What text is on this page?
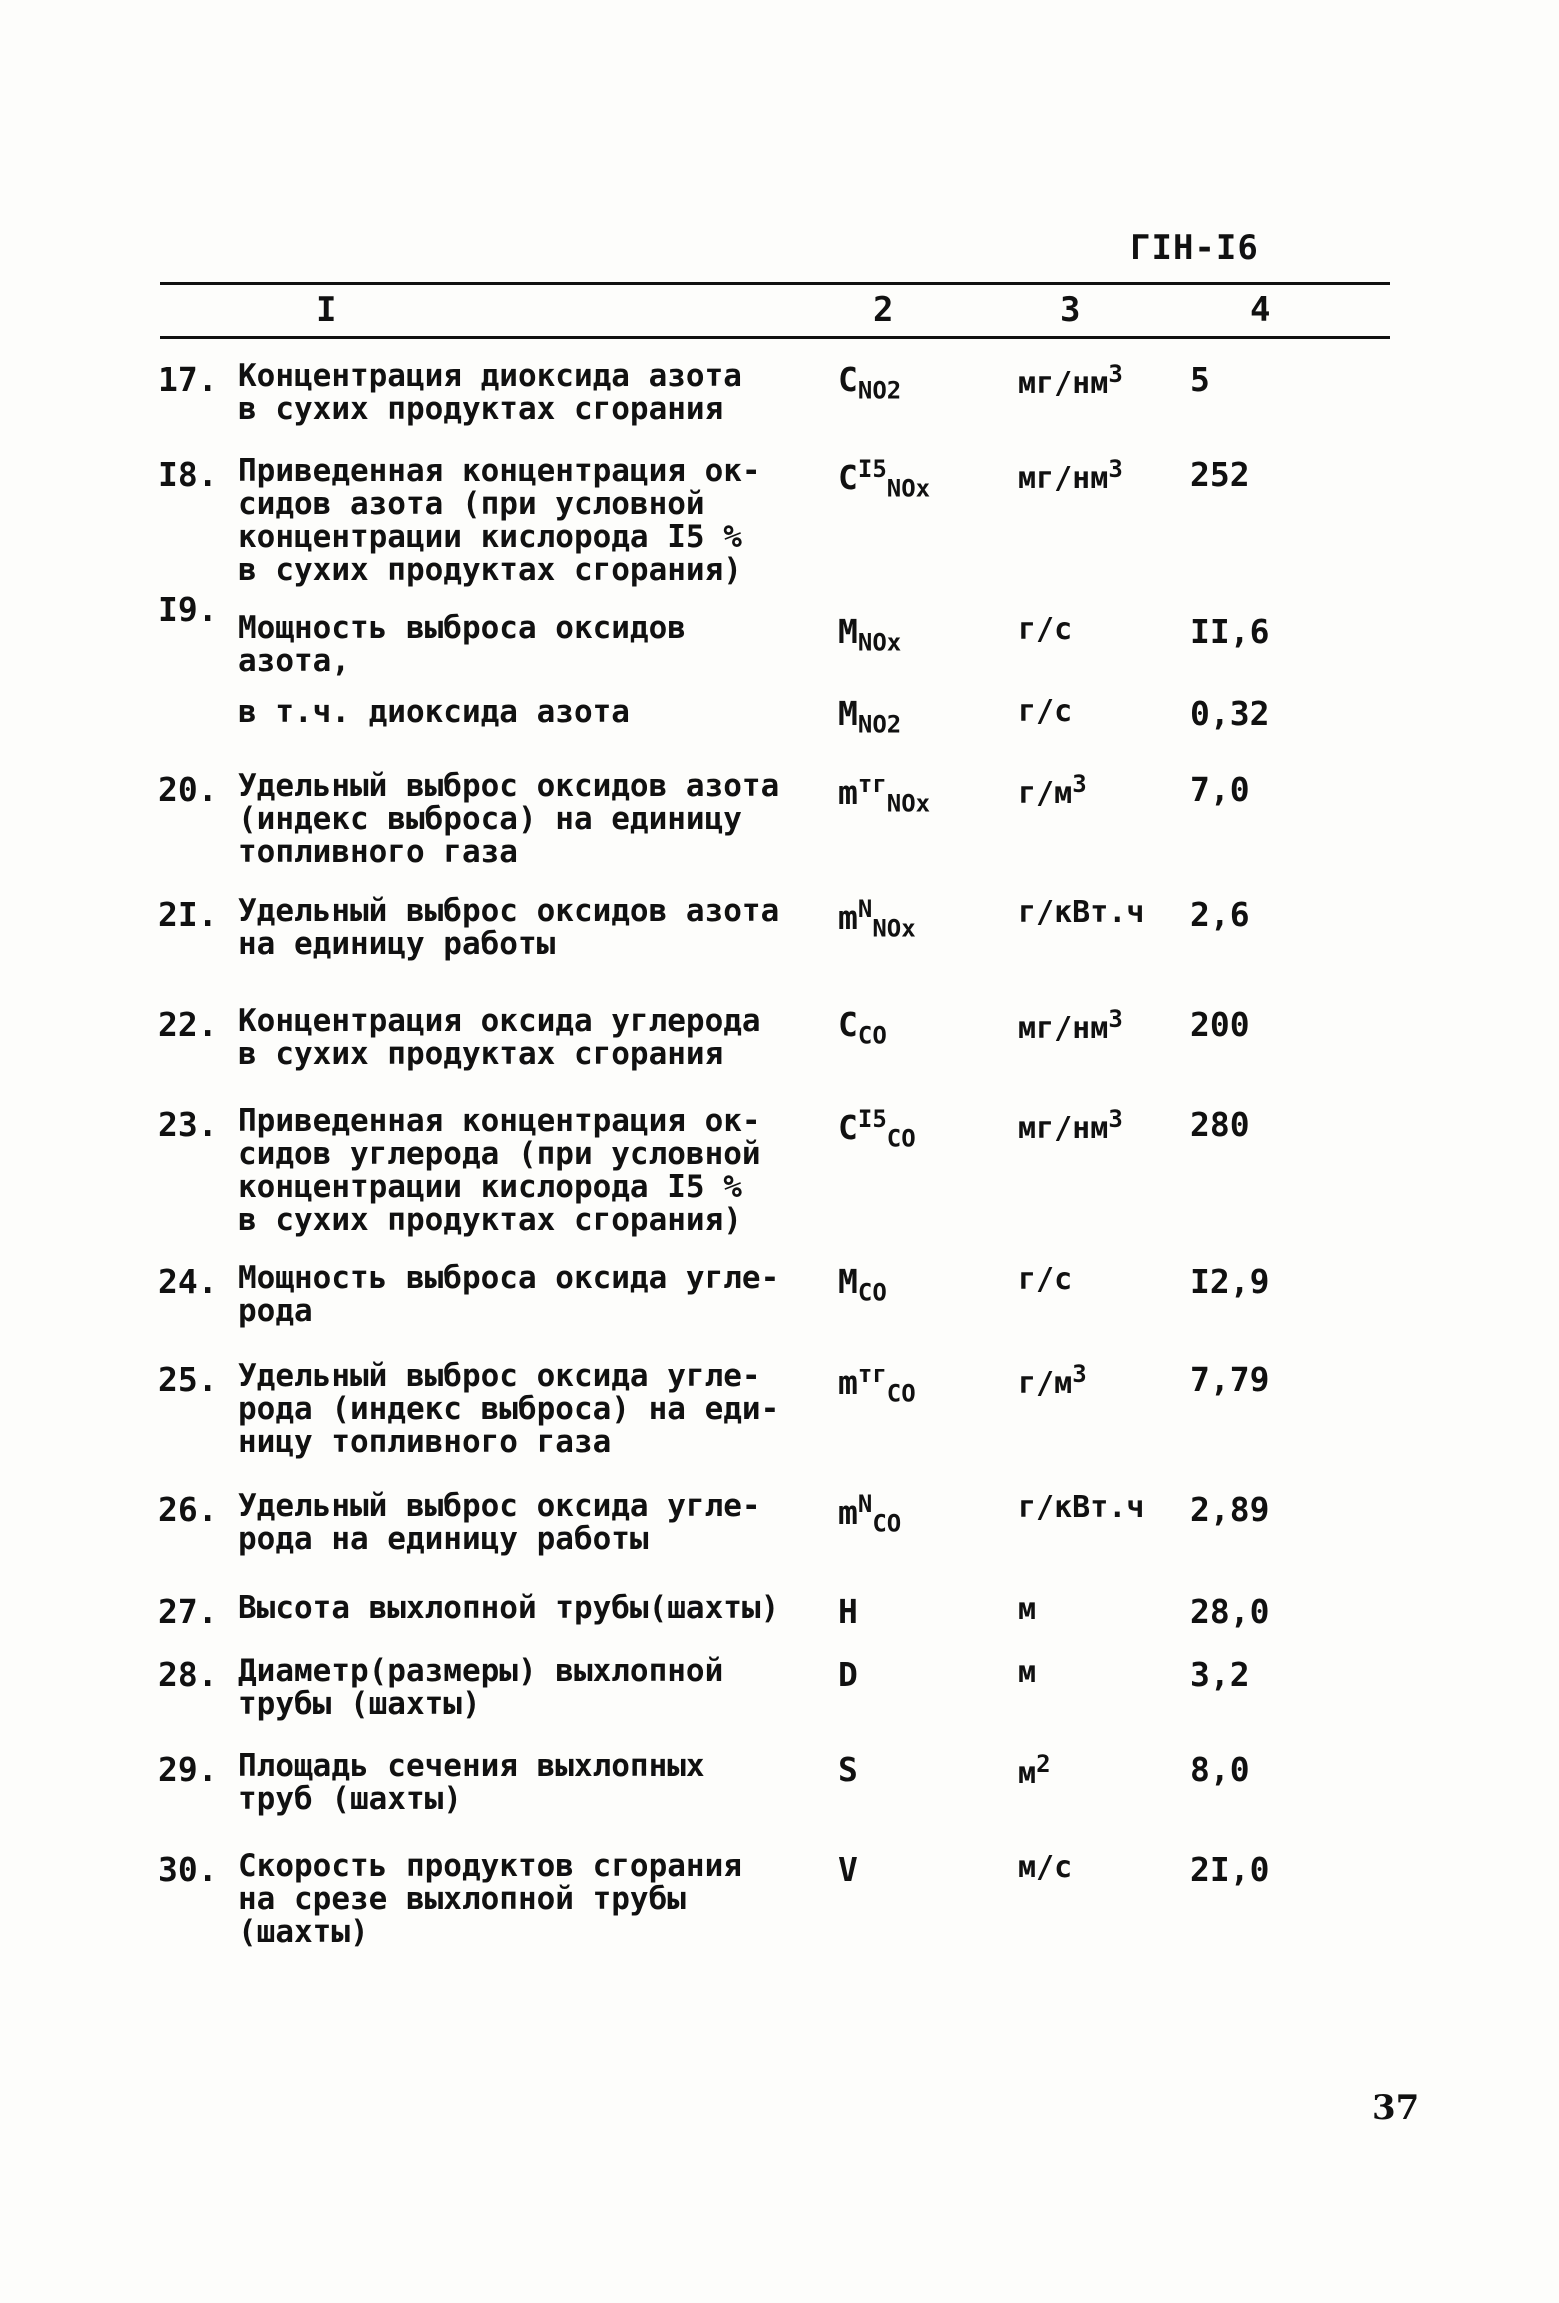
ГIН-I6
I	2	3	4
17. Концентрация диоксида азота
в сухих продуктах сгорания
$C_{NO2}$	$мг/нм^3$ 5
I8. Приведенная концентрация ок-
сидов азота (при условной
концентрации кислорода I5 %
в сухих продуктах сгорания)
$C^{I5}_{NOx}$	$мг/нм^3$ 252
I9. Мощность выброса оксидов
азота,
$M_{NOx}$	г/с	II,6
в т.ч. диоксида азота	$M_{NO2}$	г/с	0,32
20. Удельный выброс оксидов азота
(индекс выброса) на единицу
топливного газа
$m^{тг}_{NOx}$	$г/м^3$	7,0
2I. Удельный выброс оксидов азота
на единицу работы
$m^N_{NOx}$	г/кВт.ч 2,6
22. Концентрация оксида углерода
в сухих продуктах сгорания
$C_{CO}$	$мг/нм^3$ 200
23. Приведенная концентрация ок-
сидов углерода (при условной
концентрации кислорода I5 %
в сухих продуктах сгорания)
$C^{I5}_{CO}$	$мг/нм^3$ 280
24. Мощность выброса оксида угле-
рода
$M_{CO}$	г/с	I2,9
25. Удельный выброс оксида угле-
рода (индекс выброса) на еди-
ницу топливного газа
$m^{тг}_{CO}$	$г/м^3$	7,79
26. Удельный выброс оксида угле-
рода на единицу работы
$m^N_{CO}$	г/кВт.ч 2,89
27. Высота выхлопной трубы(шахты)	H	м	28,0
28. Диаметр(размеры) выхлопной
трубы (шахты)
D	м	3,2
29. Площадь сечения выхлопных
труб (шахты)
S	$м^2$	8,0
30. Скорость продуктов сгорания
на срезе выхлопной трубы
(шахты)
V	м/с	2I,0
37
